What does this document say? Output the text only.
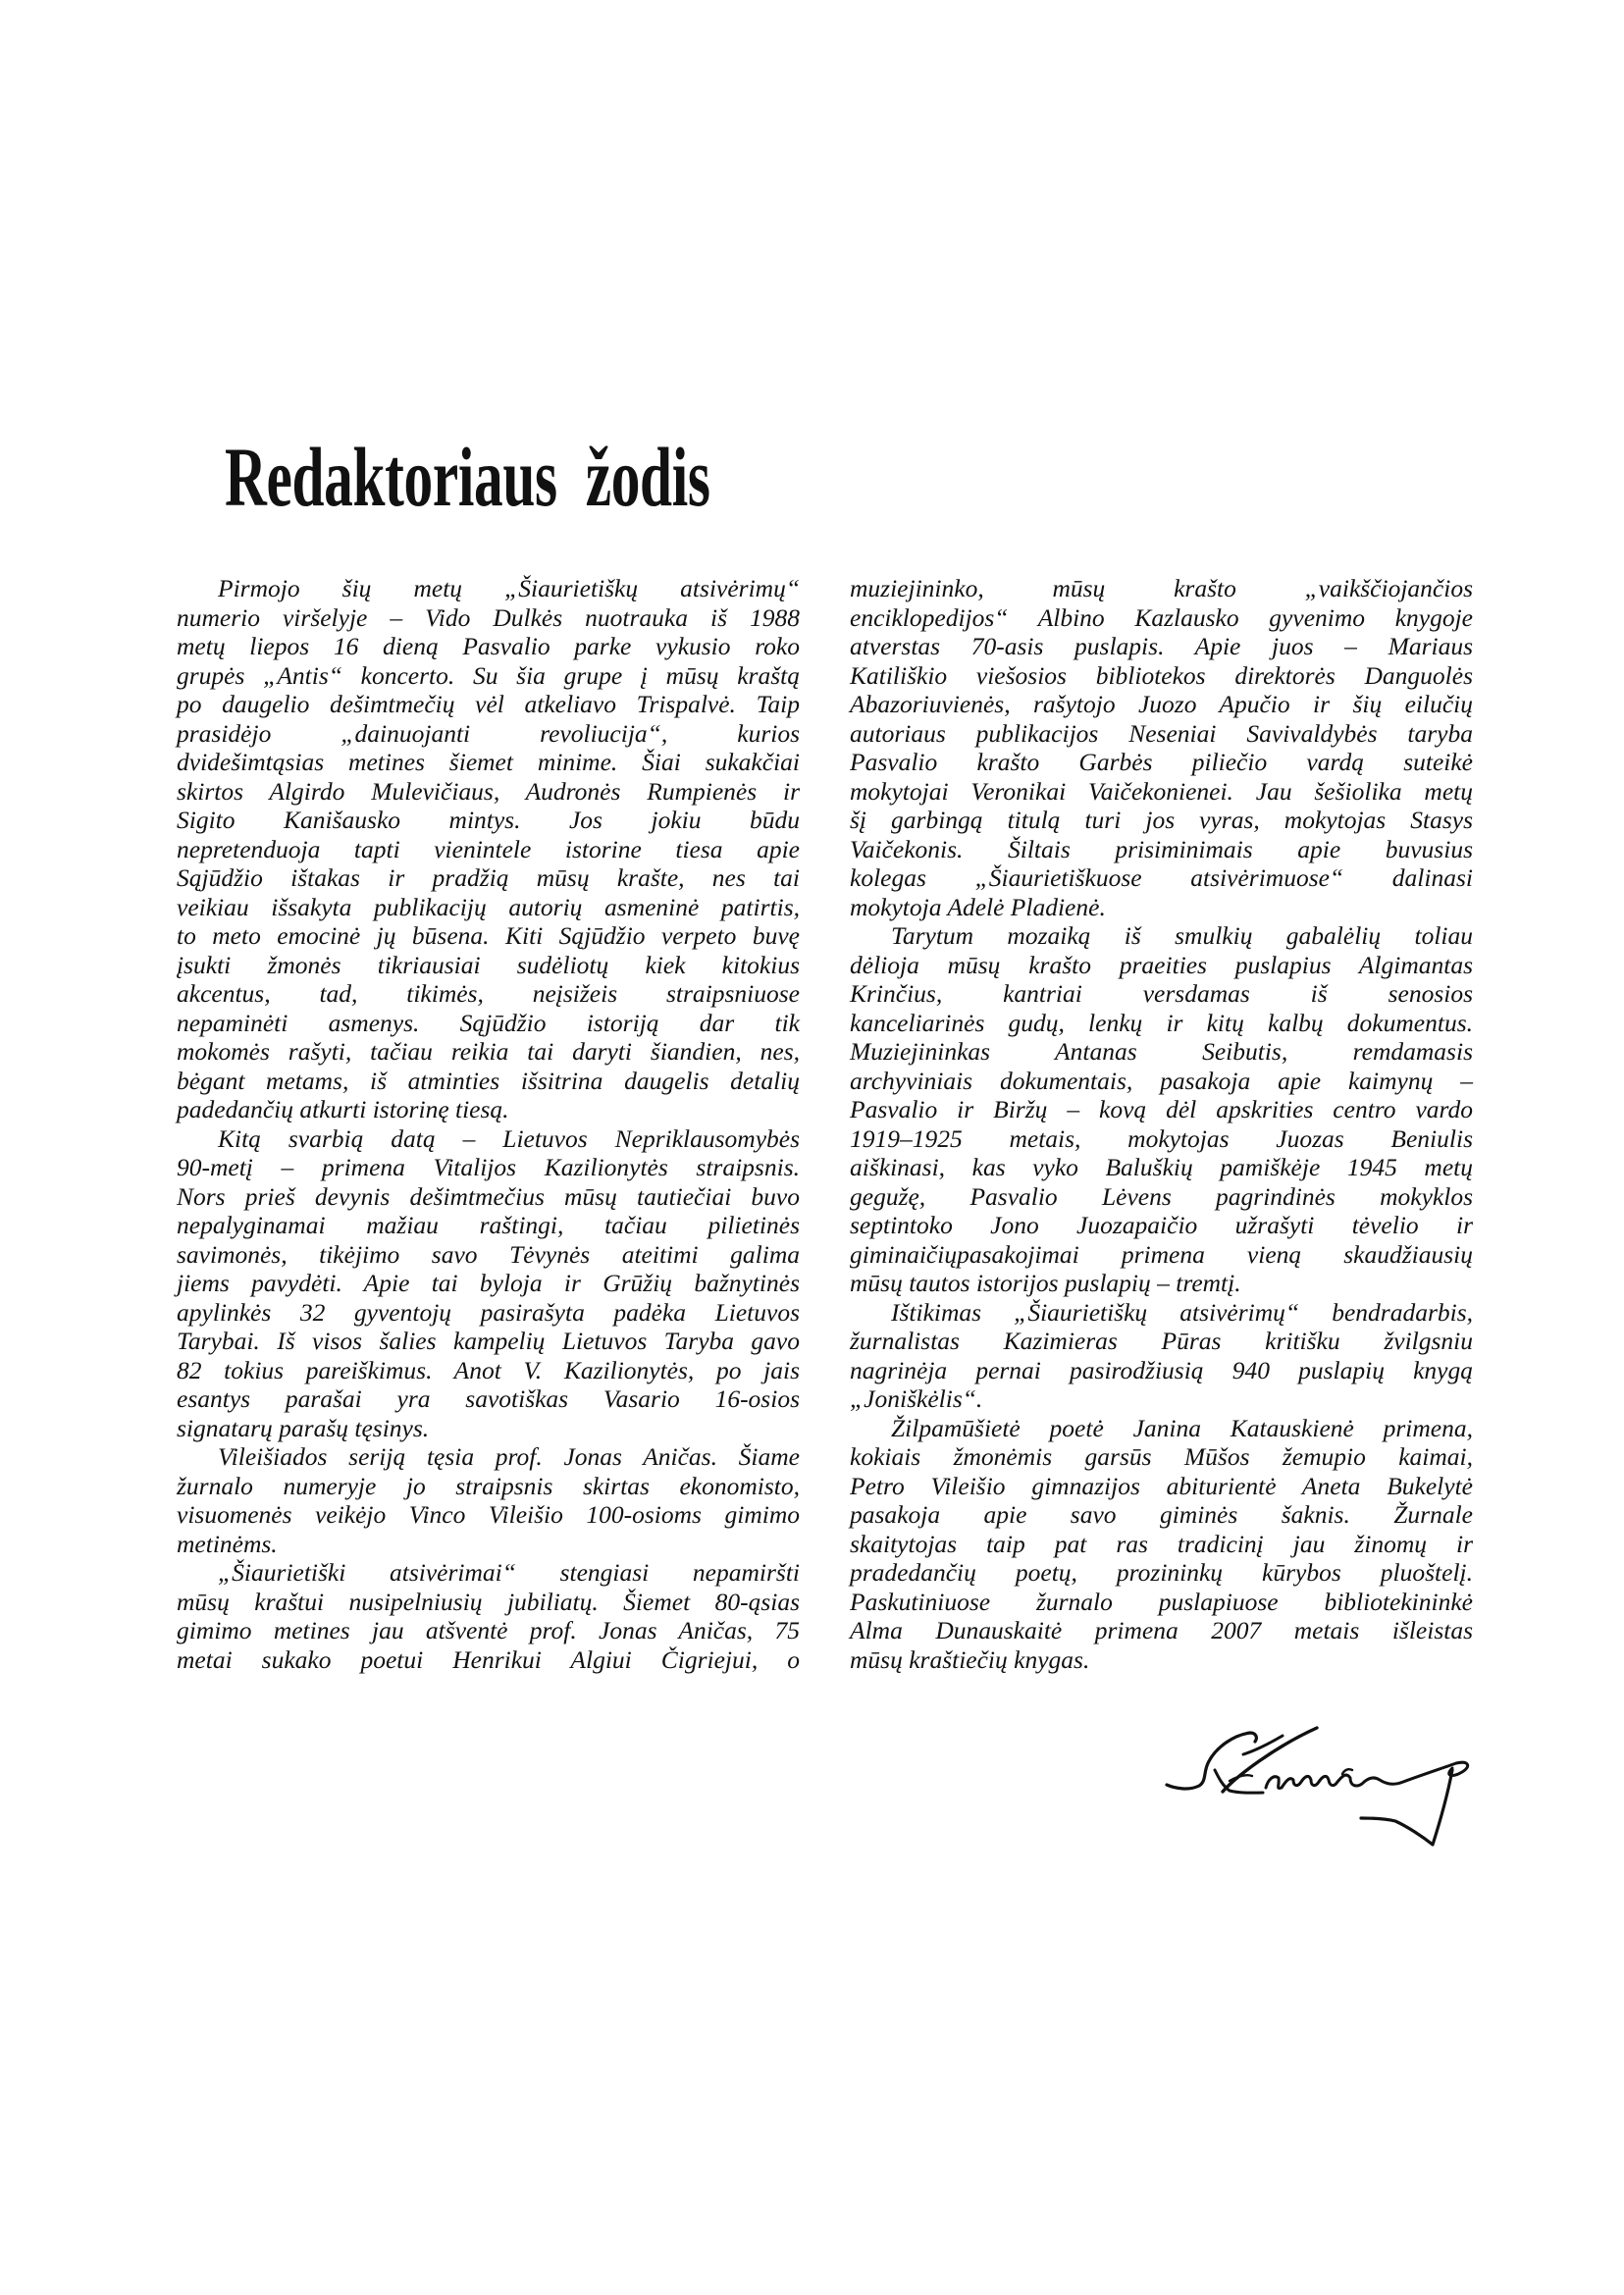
Redaktoriaus  žodis
Pirmojo šių metų „Šiaurietiškų atsivėrimų“
numerio viršelyje – Vido Dulkės nuotrauka iš 1988
metų liepos 16 dieną Pasvalio parke vykusio roko
grupės „Antis“ koncerto. Su šia grupe į mūsų kraštą
po daugelio dešimtmečių vėl atkeliavo Trispalvė. Taip
prasidėjo „dainuojanti revoliucija“, kurios
dvidešimtąsias metines šiemet minime. Šiai sukakčiai
skirtos Algirdo Mulevičiaus, Audronės Rumpienės ir
Sigito Kanišausko mintys. Jos jokiu būdu
nepretenduoja tapti vienintele istorine tiesa apie
Sąjūdžio ištakas ir pradžią mūsų krašte, nes tai
veikiau išsakyta publikacijų autorių asmeninė patirtis,
to meto emocinė jų būsena. Kiti Sąjūdžio verpeto buvę
įsukti žmonės tikriausiai sudėliotų kiek kitokius
akcentus, tad, tikimės, neįsižeis straipsniuose
nepaminėti asmenys. Sąjūdžio istoriją dar tik
mokomės rašyti, tačiau reikia tai daryti šiandien, nes,
bėgant metams, iš atminties išsitrina daugelis detalių
padedančių atkurti istorinę tiesą.
Kitą svarbią datą – Lietuvos Nepriklausomybės
90-metį – primena Vitalijos Kazilionytės straipsnis.
Nors prieš devynis dešimtmečius mūsų tautiečiai buvo
nepalyginamai mažiau raštingi, tačiau pilietinės
savimonės, tikėjimo savo Tėvynės ateitimi galima
jiems pavydėti. Apie tai byloja ir Grūžių bažnytinės
apylinkės 32 gyventojų pasirašyta padėka Lietuvos
Tarybai. Iš visos šalies kampelių Lietuvos Taryba gavo
82 tokius pareiškimus. Anot V. Kazilionytės, po jais
esantys parašai yra savotiškas Vasario 16-osios
signatarų parašų tęsinys.
Vileišiados seriją tęsia prof. Jonas Aničas. Šiame
žurnalo numeryje jo straipsnis skirtas ekonomisto,
visuomenės veikėjo Vinco Vileišio 100-osioms gimimo
metinėms.
„Šiaurietiški atsivėrimai“ stengiasi nepamiršti
mūsų kraštui nusipelniusių jubiliatų. Šiemet 80-ąsias
gimimo metines jau atšventė prof. Jonas Aničas, 75
metai sukako poetui Henrikui Algiui Čigriejui, o
muziejininko, mūsų krašto „vaikščiojančios
enciklopedijos“ Albino Kazlausko gyvenimo knygoje
atverstas 70-asis puslapis. Apie juos – Mariaus
Katiliškio viešosios bibliotekos direktorės Danguolės
Abazoriuvienės, rašytojo Juozo Apučio ir šių eilučių
autoriaus publikacijos Neseniai Savivaldybės taryba
Pasvalio krašto Garbės piliečio vardą suteikė
mokytojai Veronikai Vaičekonienei. Jau šešiolika metų
šį garbingą titulą turi jos vyras, mokytojas Stasys
Vaičekonis. Šiltais prisiminimais apie buvusius
kolegas „Šiaurietiškuose atsivėrimuose“ dalinasi
mokytoja Adelė Pladienė.
Tarytum mozaiką iš smulkių gabalėlių toliau
dėlioja mūsų krašto praeities puslapius Algimantas
Krinčius, kantriai versdamas iš senosios
kanceliarinės gudų, lenkų ir kitų kalbų dokumentus.
Muziejininkas Antanas Seibutis, remdamasis
archyviniais dokumentais, pasakoja apie kaimynų –
Pasvalio ir Biržų – kovą dėl apskrities centro vardo
1919–1925 metais, mokytojas Juozas Beniulis
aiškinasi, kas vyko Baluškių pamiškėje 1945 metų
gegužę, Pasvalio Lėvens pagrindinės mokyklos
septintoko Jono Juozapaičio užrašyti tėvelio ir
giminaičiųpasakojimai primena vieną skaudžiausių
mūsų tautos istorijos puslapių – tremtį.
Ištikimas „Šiaurietiškų atsivėrimų“ bendradarbis,
žurnalistas Kazimieras Pūras kritišku žvilgsniu
nagrinėja pernai pasirodžiusią 940 puslapių knygą
„Joniškėlis“.
Žilpamūšietė poetė Janina Katauskienė primena,
kokiais žmonėmis garsūs Mūšos žemupio kaimai,
Petro Vileišio gimnazijos abiturientė Aneta Bukelytė
pasakoja apie savo giminės šaknis. Žurnale
skaitytojas taip pat ras tradicinį jau žinomų ir
pradedančių poetų, prozininkų kūrybos pluoštelį.
Paskutiniuose žurnalo puslapiuose bibliotekininkė
Alma Dunauskaitė primena 2007 metais išleistas
mūsų kraštiečių knygas.
